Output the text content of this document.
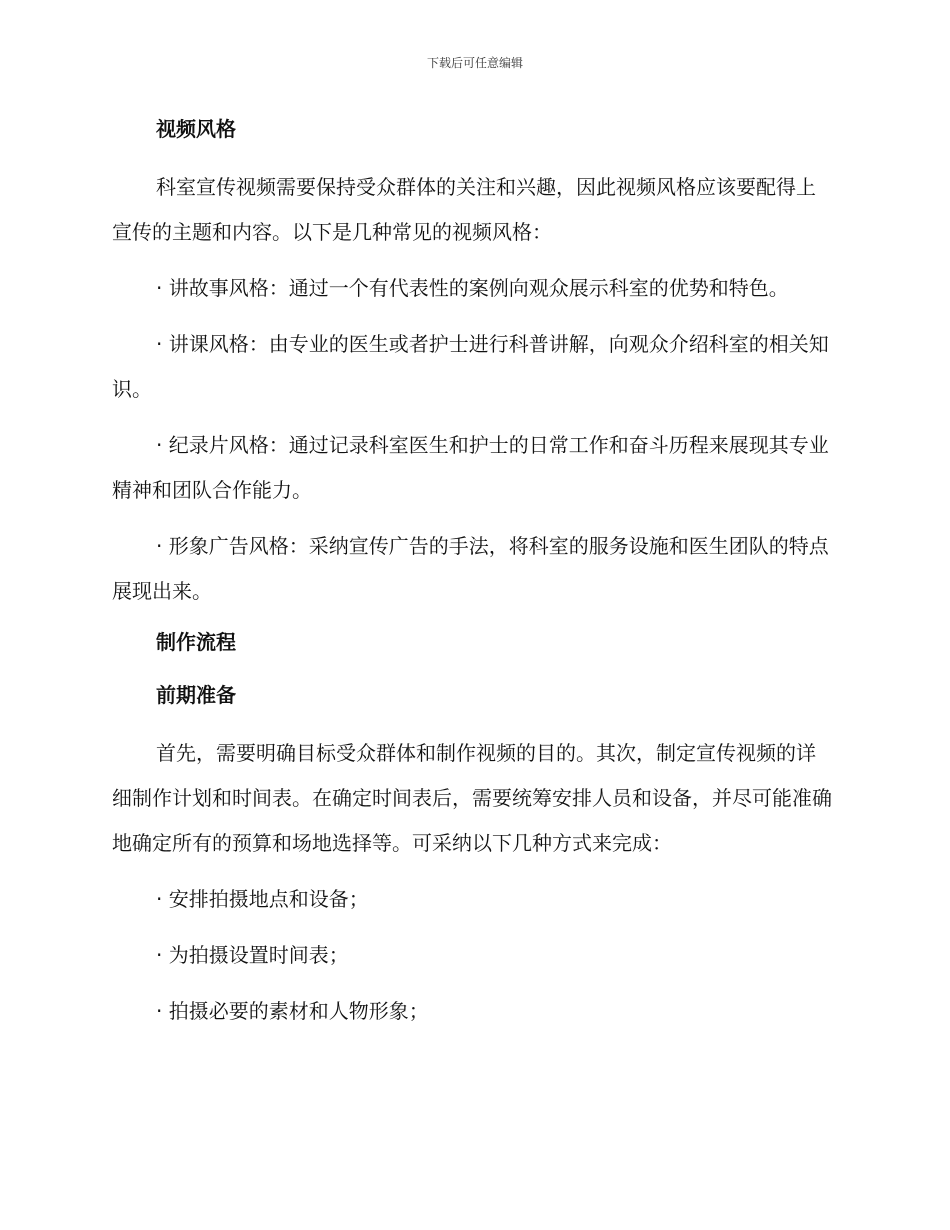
下载后可任意编辑
视频风格
科室宣传视频需要保持受众群体的关注和兴趣，因此视频风格应该要配得上宣传的主题和内容。以下是几种常见的视频风格：
· 讲故事风格：通过一个有代表性的案例向观众展示科室的优势和特色。
· 讲课风格：由专业的医生或者护士进行科普讲解，向观众介绍科室的相关知识。
· 纪录片风格：通过记录科室医生和护士的日常工作和奋斗历程来展现其专业精神和团队合作能力。
· 形象广告风格：采纳宣传广告的手法，将科室的服务设施和医生团队的特点展现出来。
制作流程
前期准备
首先，需要明确目标受众群体和制作视频的目的。其次，制定宣传视频的详细制作计划和时间表。在确定时间表后，需要统筹安排人员和设备，并尽可能准确地确定所有的预算和场地选择等。可采纳以下几种方式来完成：
· 安排拍摄地点和设备；
· 为拍摄设置时间表；
· 拍摄必要的素材和人物形象；
